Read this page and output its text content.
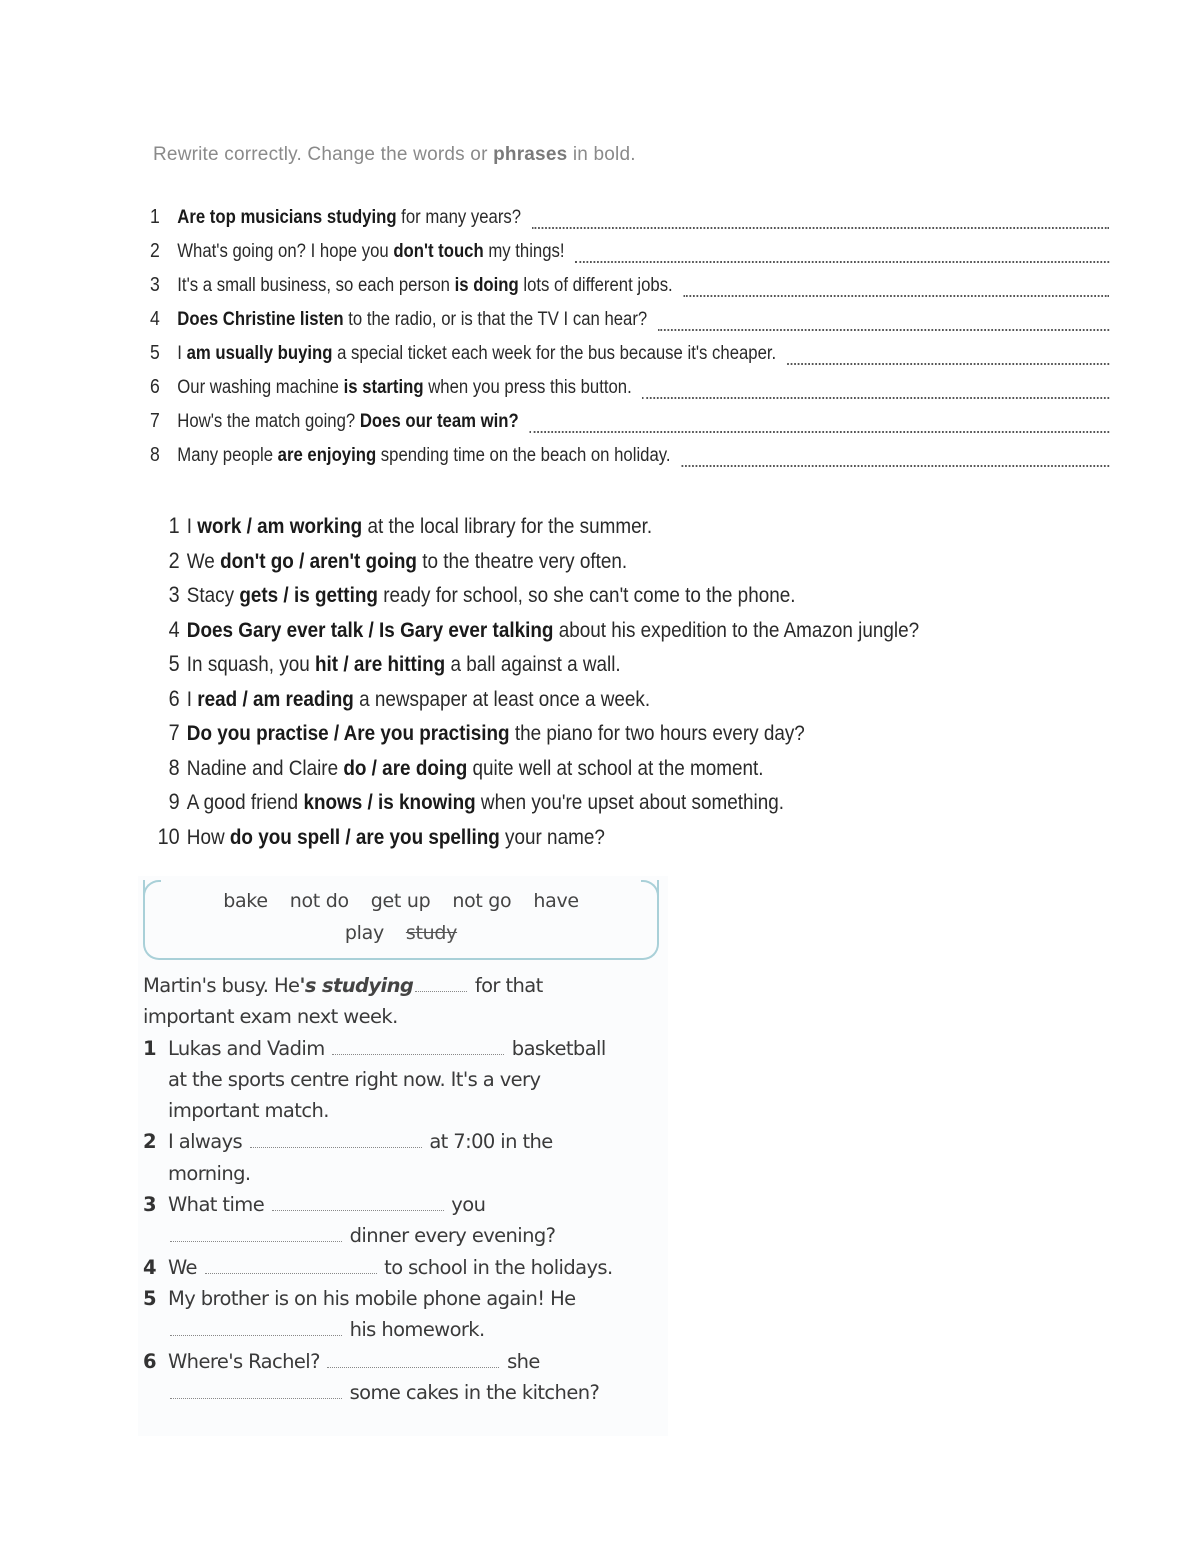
Rewrite correctly. Change the words or phrases in bold.
1 Are top musicians studying for many years?
2 What's going on? I hope you don't touch my things!
3 It's a small business, so each person is doing lots of different jobs.
4 Does Christine listen to the radio, or is that the TV I can hear?
5 I am usually buying a special ticket each week for the bus because it's cheaper.
6 Our washing machine is starting when you press this button.
7 How's the match going? Does our team win?
8 Many people are enjoying spending time on the beach on holiday.
1 I work / am working at the local library for the summer.
2 We don't go / aren't going to the theatre very often.
3 Stacy gets / is getting ready for school, so she can't come to the phone.
4 Does Gary ever talk / Is Gary ever talking about his expedition to the Amazon jungle?
5 In squash, you hit / are hitting a ball against a wall.
6 I read / am reading a newspaper at least once a week.
7 Do you practise / Are you practising the piano for two hours every day?
8 Nadine and Claire do / are doing quite well at school at the moment.
9 A good friend knows / is knowing when you're upset about something.
10 How do you spell / are you spelling your name?
bake not do get up not go have
play study
Martin's busy. He's studying	for that
important exam next week.
1 Lukas and Vadim	basketball
at the sports centre right now. It's a very
important match.
2 I always	at 7:00 in the
morning.
3 What time	you
dinner every evening?
4 We	to school in the holidays.
5 My brother is on his mobile phone again! He
his homework.
6 Where's Rachel?	she
some cakes in the kitchen?
